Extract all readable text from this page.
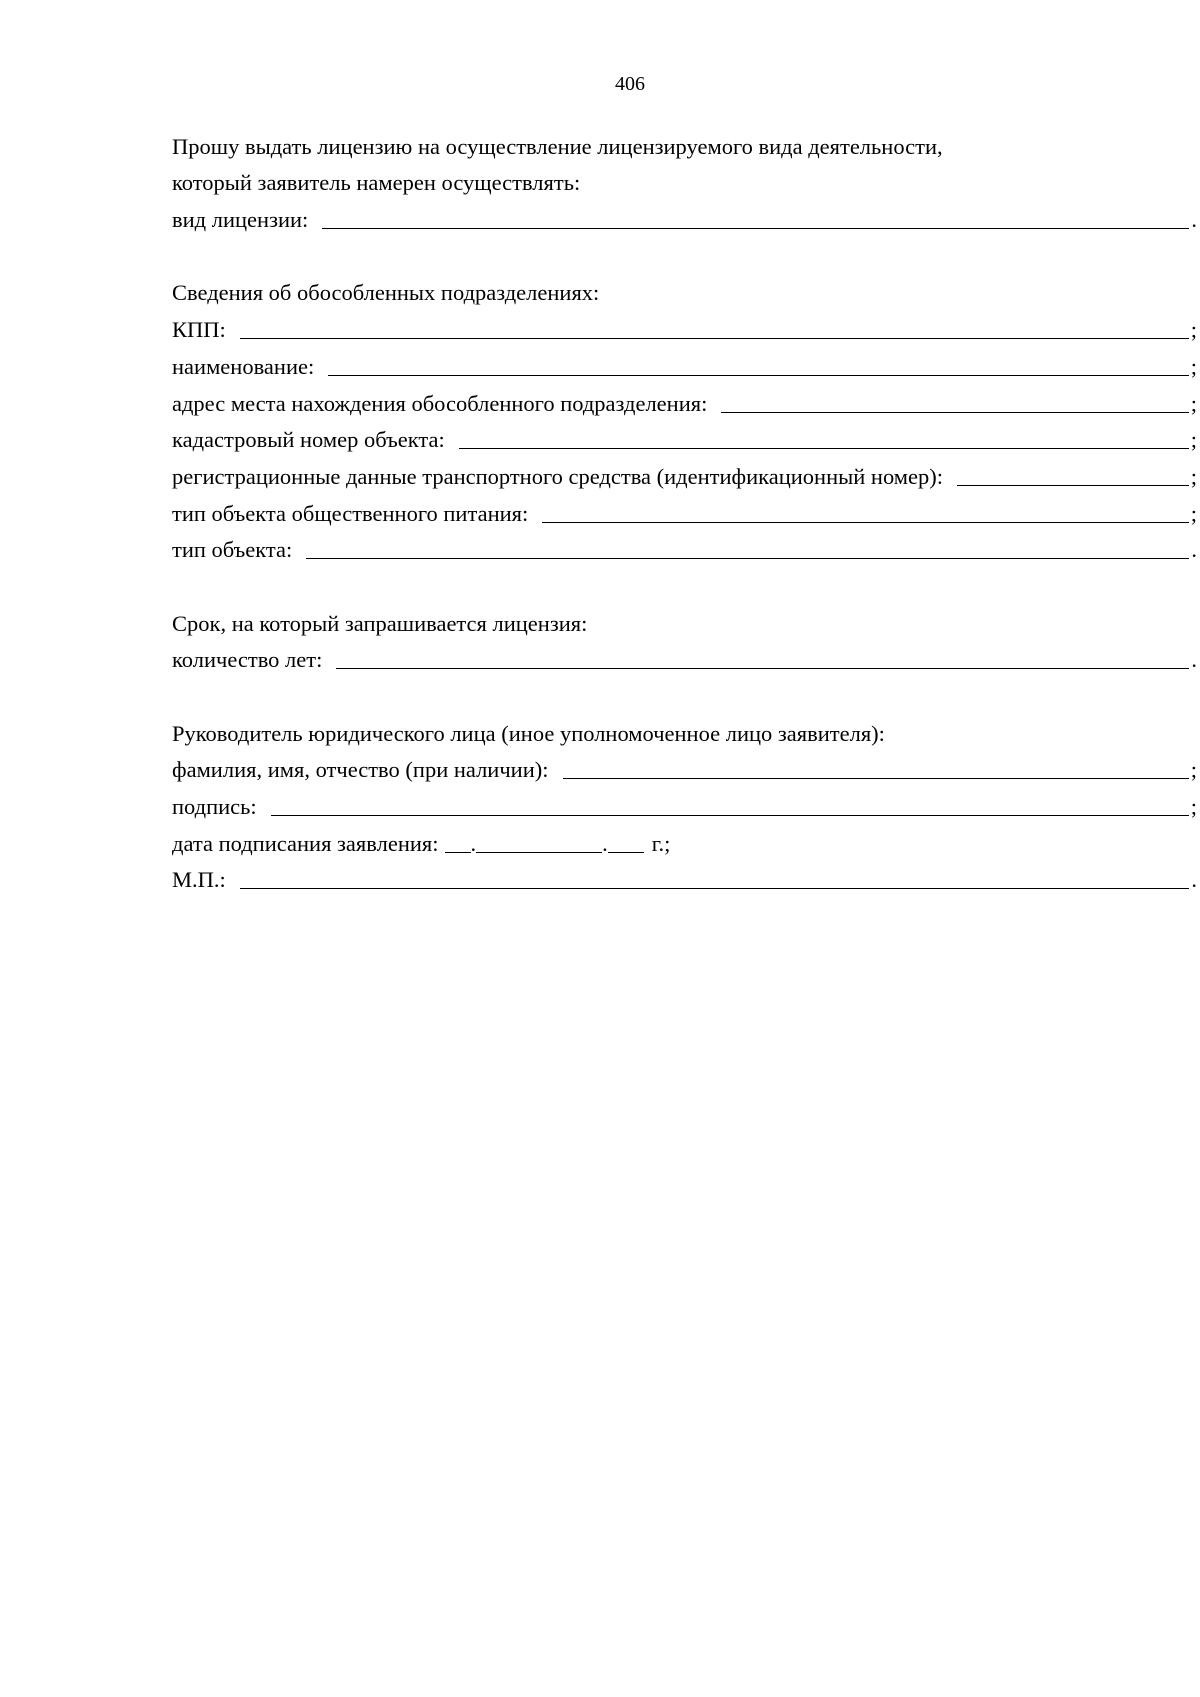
406
Прошу выдать лицензию на осуществление лицензируемого вида деятельности,
который заявитель намерен осуществлять:
вид лицензии:	.
Сведения об обособленных подразделениях:
КПП:	;
наименование:	;
адрес места нахождения обособленного подразделения:	;
кадастровый номер объекта:	;
регистрационные данные транспортного средства (идентификационный номер):	;
тип объекта общественного питания:	;
тип объекта:	.
Срок, на который запрашивается лицензия:
количество лет:	.
Руководитель юридического лица (иное уполномоченное лицо заявителя):
фамилия, имя, отчество (при наличии):	;
подпись:	;
дата подписания заявления: .	. г.;
М.П.:	.
